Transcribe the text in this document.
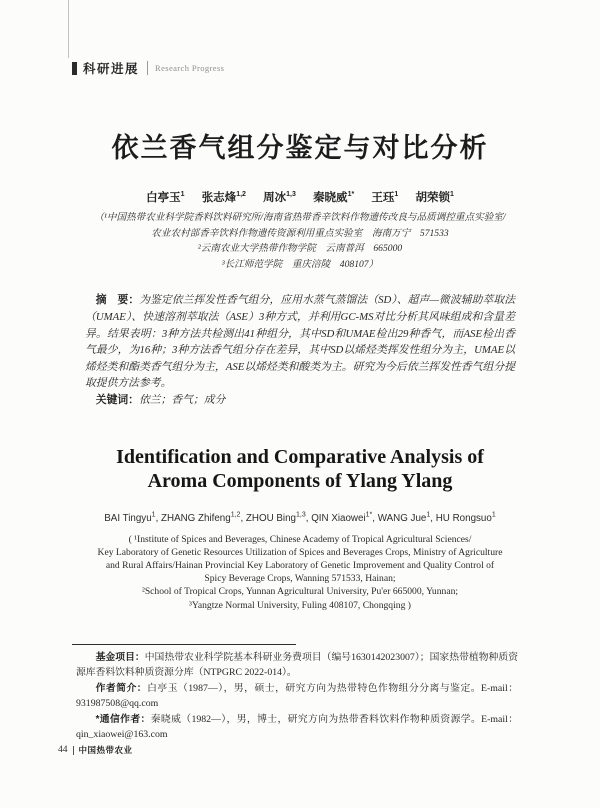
科研进展 Research Progress
依兰香气组分鉴定与对比分析
白亭玉$^1$ 张志烽$^{1,2}$ 周冰$^{1,3}$ 秦晓威$^{1*}$ 王珏$^1$ 胡荣锁$^1$

（¹中国热带农业科学院香料饮料研究所/海南省热带香辛饮料作物遗传改良与品质调控重点实验室/

农业农村部香辛饮料作物遗传资源利用重点实验室　海南万宁　571533

²云南农业大学热带作物学院　云南普洱　665000

³长江师范学院　重庆涪陵　408107）

摘　要：为鉴定依兰挥发性香气组分，应用水蒸气蒸馏法（SD）、超声—微波辅助萃取法（UMAE）、快速溶剂萃取法（ASE）3种方式，并利用GC-MS对比分析其风味组成和含量差异。结果表明：3种方法共检测出41种组分，其中SD和UMAE检出29种香气，而ASE检出香气最少，为16种；3种方法香气组分存在差异，其中SD以烯烃类挥发性组分为主，UMAE以烯烃类和酯类香气组分为主，ASE以烯烃类和酸类为主。研究为今后依兰挥发性香气组分提取提供方法参考。

关键词：依兰；香气；成分

Identification and Comparative Analysis of
Aroma Components of Ylang Ylang
BAI Tingyu$^1$, ZHANG Zhifeng$^{1,2}$, ZHOU Bing$^{1,3}$, QIN Xiaowei$^{1*}$, WANG Jue$^1$, HU Rongsuo$^1$

( ¹Institute of Spices and Beverages, Chinese Academy of Tropical Agricultural Sciences/

Key Laboratory of Genetic Resources Utilization of Spices and Beverages Crops, Ministry of Agriculture

and Rural Affairs/Hainan Provincial Key Laboratory of Genetic Improvement and Quality Control of

Spicy Beverage Crops, Wanning 571533, Hainan;

²School of Tropical Crops, Yunnan Agricultural University, Pu'er 665000, Yunnan;

³Yangtze Normal University, Fuling 408107, Chongqing )

基金项目：中国热带农业科学院基本科研业务费项目（编号1630142023007）；国家热带植物种质资源库香料饮料种质资源分库（NTPGRC 2022-014）。

作者简介：白亭玉（1987—），男，硕士，研究方向为热带特色作物组分分离与鉴定。E-mail：931987508@qq.com

*通信作者：秦晓威（1982—），男，博士，研究方向为热带香料饮料作物种质资源学。E-mail：qin_xiaowei@163.com

44 中国热带农业
